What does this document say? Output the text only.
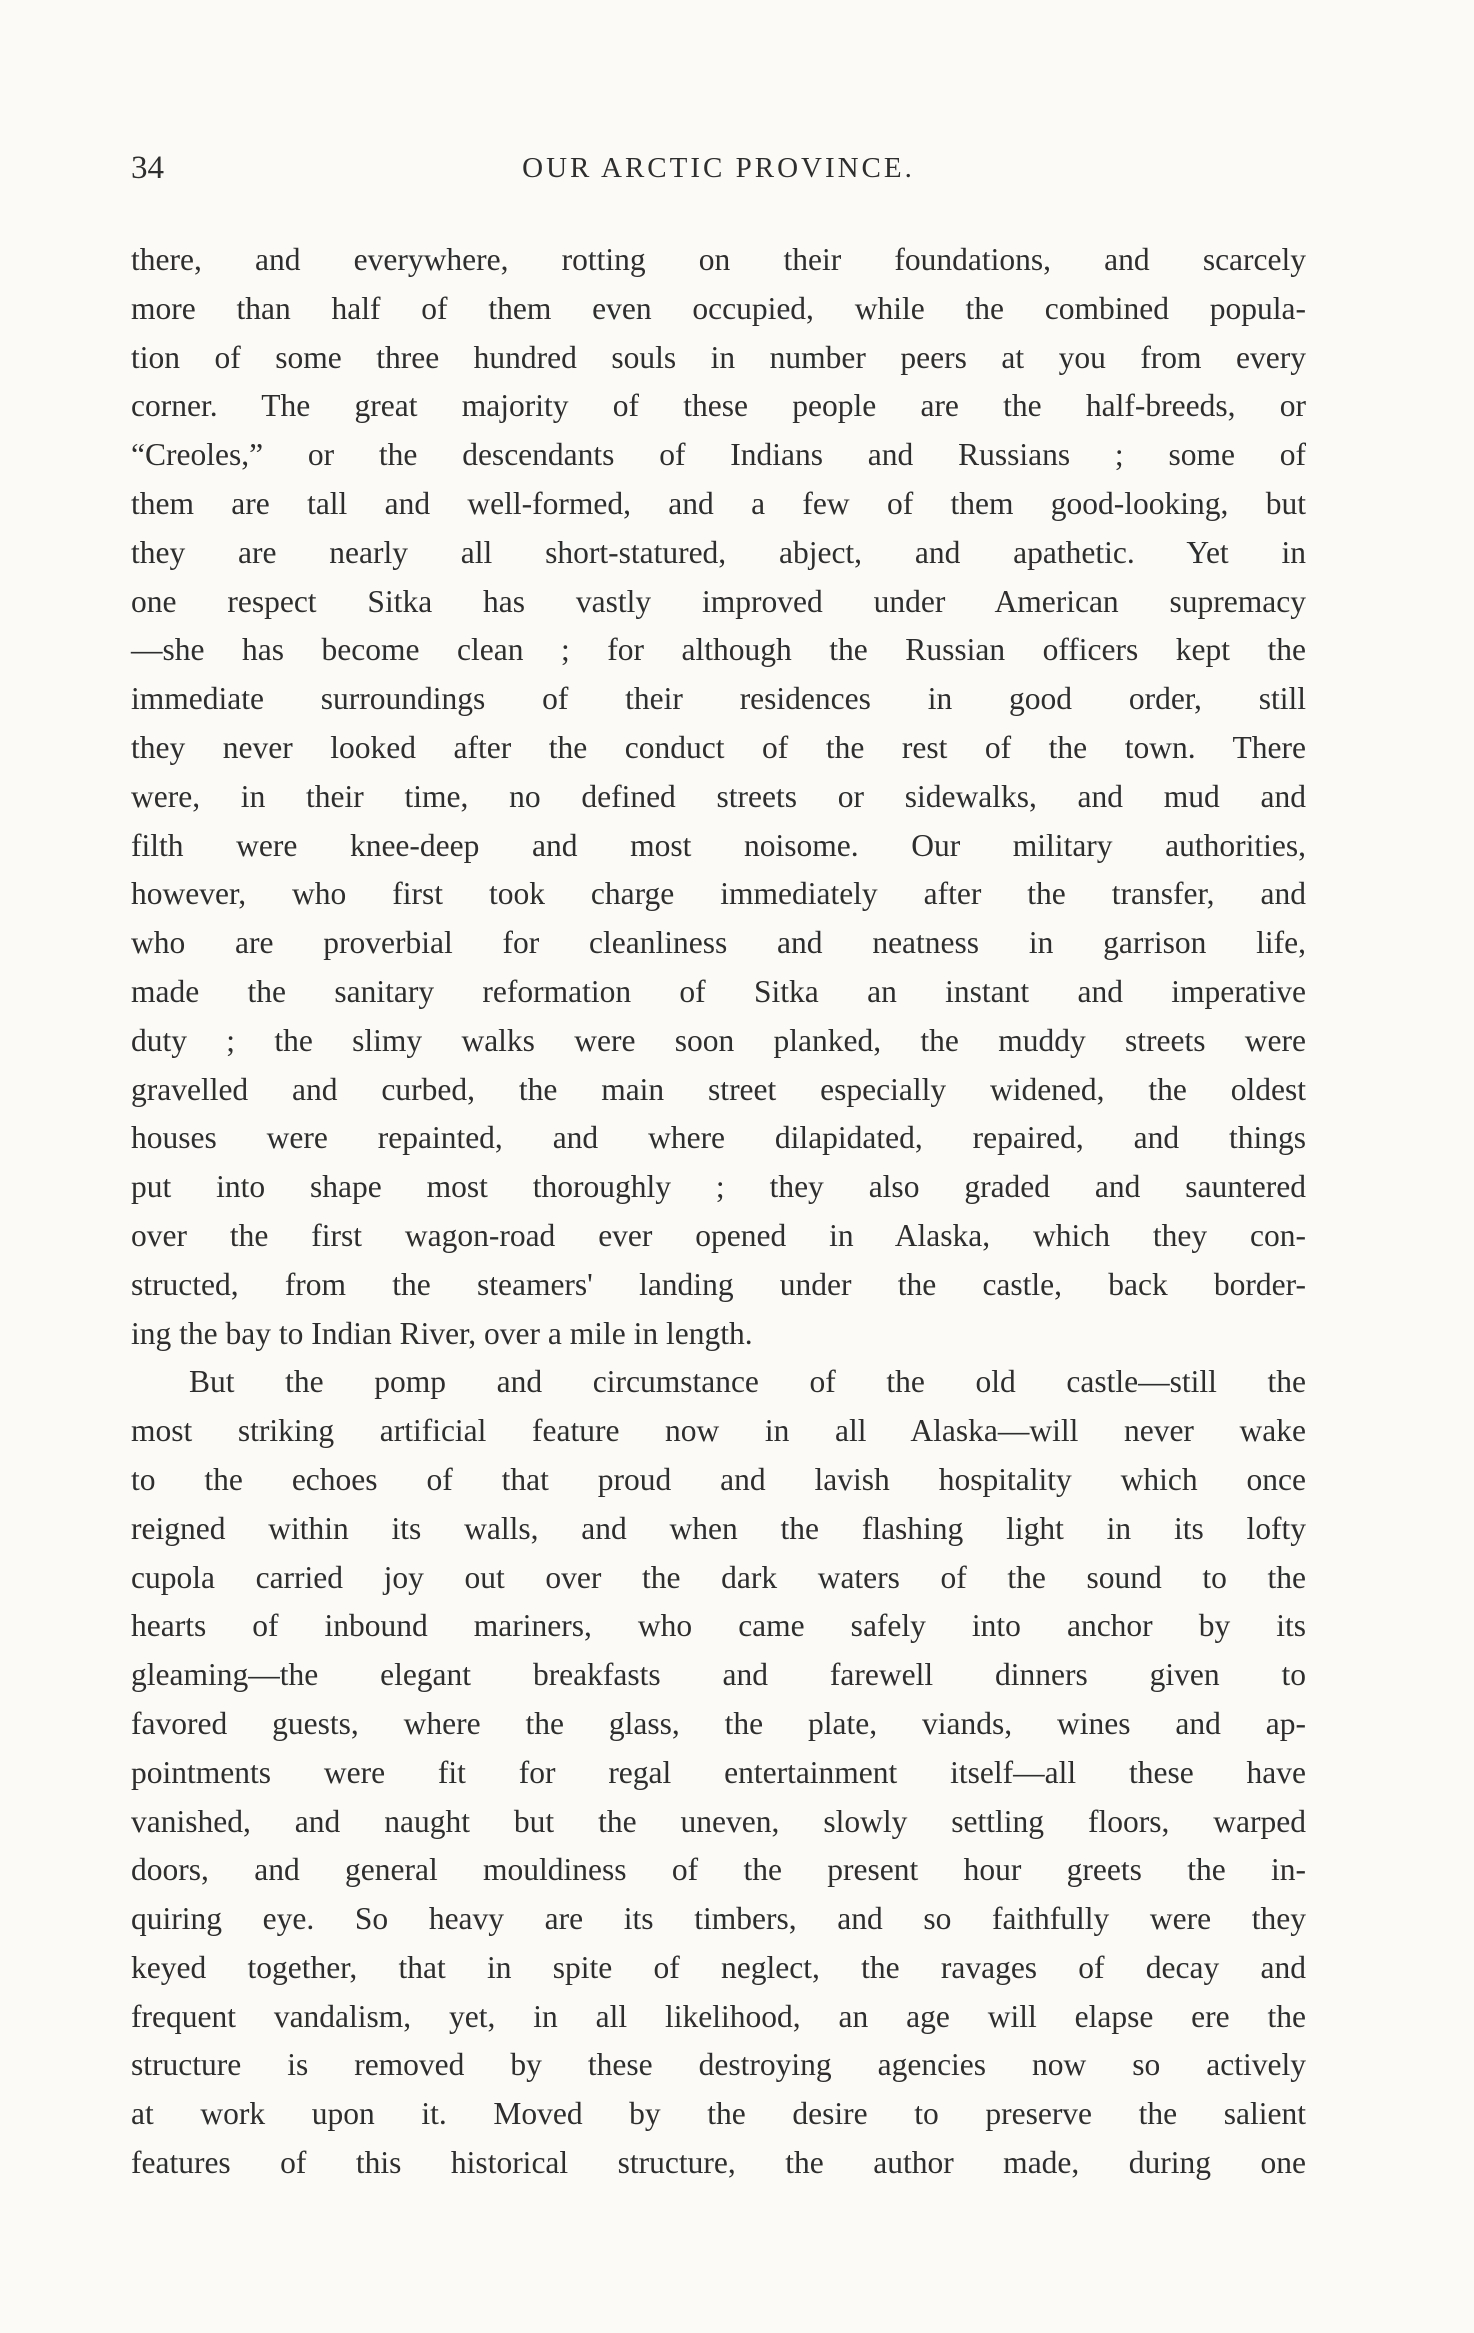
34	OUR ARCTIC PROVINCE.
there, and everywhere, rotting on their foundations, and scarcely
more than half of them even occupied, while the combined popula-
tion of some three hundred souls in number peers at you from every
corner. The great majority of these people are the half-breeds, or
“Creoles,” or the descendants of Indians and Russians ; some of
them are tall and well-formed, and a few of them good-looking, but
they are nearly all short-statured, abject, and apathetic. Yet in
one respect Sitka has vastly improved under American supremacy
—she has become clean ; for although the Russian officers kept the
immediate surroundings of their residences in good order, still
they never looked after the conduct of the rest of the town. There
were, in their time, no defined streets or sidewalks, and mud and
filth were knee-deep and most noisome. Our military authorities,
however, who first took charge immediately after the transfer, and
who are proverbial for cleanliness and neatness in garrison life,
made the sanitary reformation of Sitka an instant and imperative
duty ; the slimy walks were soon planked, the muddy streets were
gravelled and curbed, the main street especially widened, the oldest
houses were repainted, and where dilapidated, repaired, and things
put into shape most thoroughly ; they also graded and sauntered
over the first wagon-road ever opened in Alaska, which they con-
structed, from the steamers' landing under the castle, back border-
ing the bay to Indian River, over a mile in length.
But the pomp and circumstance of the old castle—still the
most striking artificial feature now in all Alaska—will never wake
to the echoes of that proud and lavish hospitality which once
reigned within its walls, and when the flashing light in its lofty
cupola carried joy out over the dark waters of the sound to the
hearts of inbound mariners, who came safely into anchor by its
gleaming—the elegant breakfasts and farewell dinners given to
favored guests, where the glass, the plate, viands, wines and ap-
pointments were fit for regal entertainment itself—all these have
vanished, and naught but the uneven, slowly settling floors, warped
doors, and general mouldiness of the present hour greets the in-
quiring eye. So heavy are its timbers, and so faithfully were they
keyed together, that in spite of neglect, the ravages of decay and
frequent vandalism, yet, in all likelihood, an age will elapse ere the
structure is removed by these destroying agencies now so actively
at work upon it. Moved by the desire to preserve the salient
features of this historical structure, the author made, during one
